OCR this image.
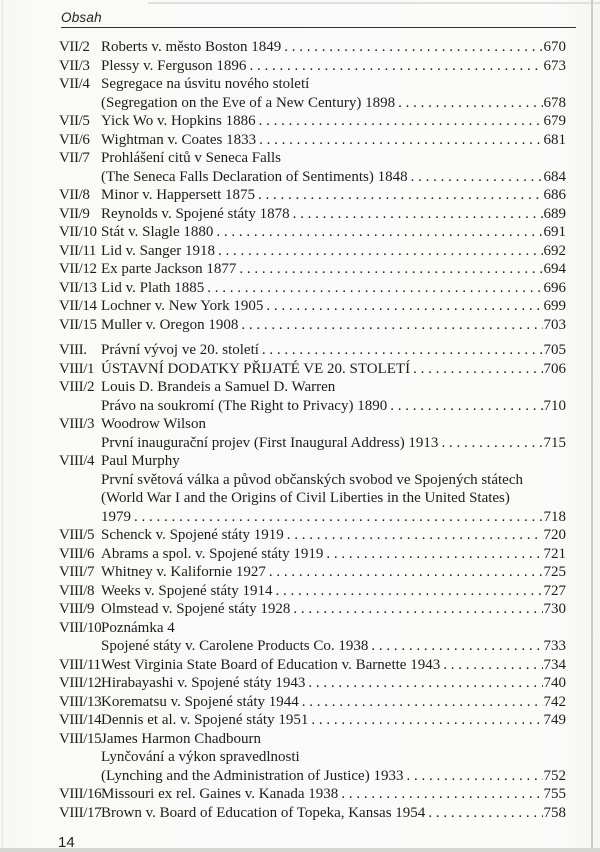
Obsah
VII/2 Roberts v. město Boston 1849 . . .	670
VII/3 Plessy v. Ferguson 1896 . . .	673
VII/4 Segregace na úsvitu nového století
(Segregation on the Eve of a New Century) 1898 . . .	678
VII/5 Yick Wo v. Hopkins 1886 . . .	679
VII/6 Wightman v. Coates 1833 . . .	681
VII/7 Prohlášení citů v Seneca Falls
(The Seneca Falls Declaration of Sentiments) 1848 . . .	684
VII/8 Minor v. Happersett 1875 . . .	686
VII/9 Reynolds v. Spojené státy 1878 . . .	689
VII/10 Stát v. Slagle 1880 . . .	691
VII/11 Lid v. Sanger 1918 . . .	692
VII/12 Ex parte Jackson 1877 . . .	694
VII/13 Lid v. Plath 1885 . . .	696
VII/14 Lochner v. New York 1905 . . .	699
VII/15 Muller v. Oregon 1908 . . .	703
VIII. Právní vývoj ve 20. století . . .	705
VIII/1 ÚSTAVNÍ DODATKY PŘIJATÉ VE 20. STOLETÍ . . .	706
VIII/2 Louis D. Brandeis a Samuel D. Warren
Právo na soukromí (The Right to Privacy) 1890 . . .	710
VIII/3 Woodrow Wilson
První inaugurační projev (First Inaugural Address) 1913 . . .	715
VIII/4 Paul Murphy
První světová válka a původ občanských svobod ve Spojených státech
(World War I and the Origins of Civil Liberties in the United States)
1979 . . .	718
VIII/5 Schenck v. Spojené státy 1919 . . .	720
VIII/6 Abrams a spol. v. Spojené státy 1919 . . .	721
VIII/7 Whitney v. Kalifornie 1927 . . .	725
VIII/8 Weeks v. Spojené státy 1914 . . .	727
VIII/9 Olmstead v. Spojené státy 1928 . . .	730
VIII/10 Poznámka 4
Spojené státy v. Carolene Products Co. 1938 . . .	733
VIII/11 West Virginia State Board of Education v. Barnette 1943 . . .	734
VIII/12 Hirabayashi v. Spojené státy 1943 . . .	740
VIII/13 Korematsu v. Spojené státy 1944 . . .	742
VIII/14 Dennis et al. v. Spojené státy 1951 . . .	749
VIII/15 James Harmon Chadbourn
Lynčování a výkon spravedlnosti
(Lynching and the Administration of Justice) 1933 . . .	752
VIII/16 Missouri ex rel. Gaines v. Kanada 1938 . . .	755
VIII/17 Brown v. Board of Education of Topeka, Kansas 1954 . . .	758
14
